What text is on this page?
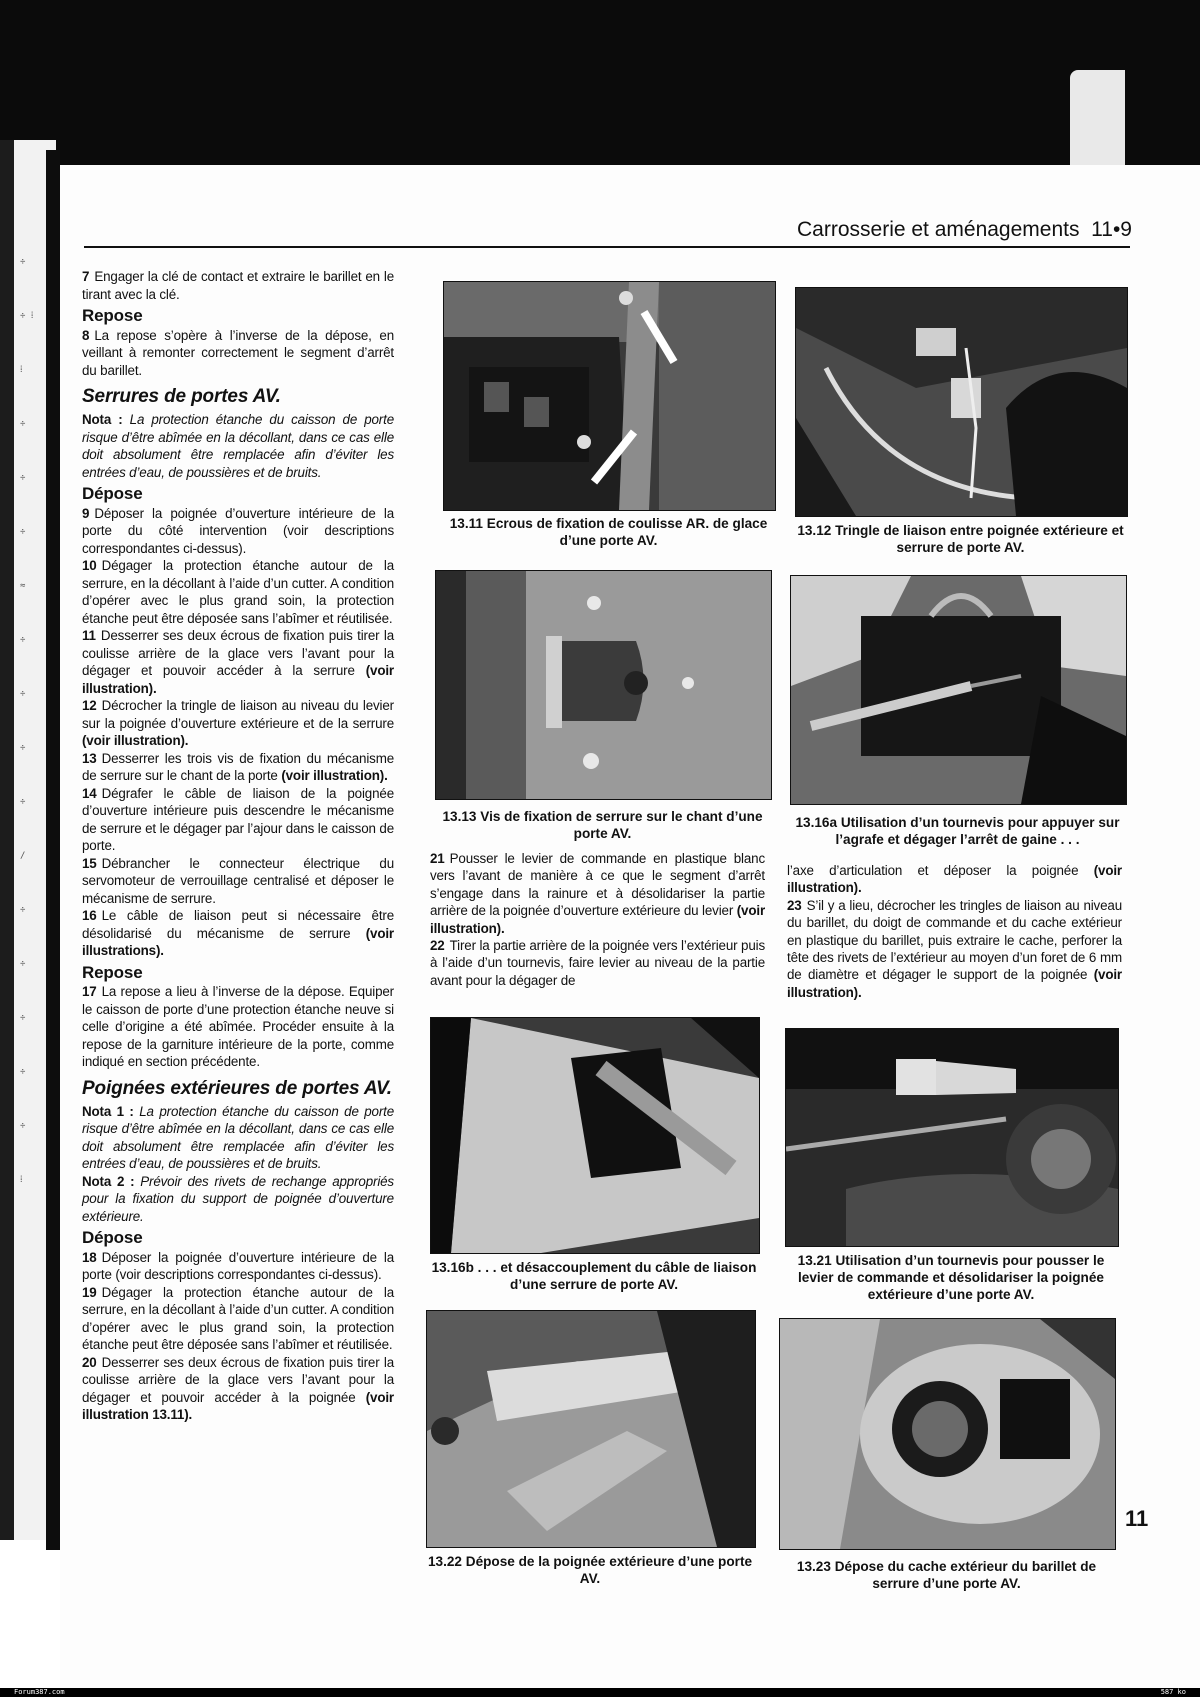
÷
÷ ⁞
⁞
÷
÷
÷
≈
÷
÷
÷
÷
/
÷
÷
÷
÷
÷
⁞
Carrosserie et aménagements 11•9

7 Engager la clé de contact et extraire le barillet en le tirant avec la clé.

Repose

8 La repose s’opère à l’inverse de la dépose, en veillant à remonter correctement le segment d’arrêt du barillet.

Serrures de portes AV.

Nota : La protection étanche du caisson de porte risque d’être abîmée en la décollant, dans ce cas elle doit absolument être remplacée afin d’éviter les entrées d’eau, de poussières et de bruits.

Dépose

9 Déposer la poignée d’ouverture intérieure de la porte du côté intervention (voir descriptions correspondantes ci-dessus).

10 Dégager la protection étanche autour de la serrure, en la décollant à l’aide d’un cutter. A condition d’opérer avec le plus grand soin, la protection étanche peut être déposée sans l’abîmer et réutilisée.

11 Desserrer ses deux écrous de fixation puis tirer la coulisse arrière de la glace vers l’avant pour la dégager et pouvoir accéder à la serrure (voir illustration).

12 Décrocher la tringle de liaison au niveau du levier sur la poignée d’ouverture extérieure et de la serrure (voir illustration).

13 Desserrer les trois vis de fixation du mécanisme de serrure sur le chant de la porte (voir illustration).

14 Dégrafer le câble de liaison de la poignée d’ouverture intérieure puis descendre le mécanisme de serrure et le dégager par l’ajour dans le caisson de porte.

15 Débrancher le connecteur électrique du servomoteur de verrouillage centralisé et déposer le mécanisme de serrure.

16 Le câble de liaison peut si nécessaire être désolidarisé du mécanisme de serrure (voir illustrations).

Repose

17 La repose a lieu à l’inverse de la dépose. Equiper le caisson de porte d’une protection étanche neuve si celle d’origine a été abîmée. Procéder ensuite à la repose de la garniture intérieure de la porte, comme indiqué en section précédente.

Poignées extérieures de portes AV.

Nota 1 : La protection étanche du caisson de porte risque d’être abîmée en la décollant, dans ce cas elle doit absolument être remplacée afin d’éviter les entrées d’eau, de poussières et de bruits.

Nota 2 : Prévoir des rivets de rechange appropriés pour la fixation du support de poignée d’ouverture extérieure.

Dépose

18 Déposer la poignée d’ouverture intérieure de la porte (voir descriptions correspondantes ci-dessus).

19 Dégager la protection étanche autour de la serrure, en la décollant à l’aide d’un cutter. A condition d’opérer avec le plus grand soin, la protection étanche peut être déposée sans l’abîmer et réutilisée.

20 Desserrer ses deux écrous de fixation puis tirer la coulisse arrière de la glace vers l’avant pour la dégager et pouvoir accéder à la poignée (voir illustration 13.11).

13.11 Ecrous de fixation de coulisse AR. de glace d’une porte AV.
13.12 Tringle de liaison entre poignée extérieure et serrure de porte AV.
13.13 Vis de fixation de serrure sur le chant d’une porte AV.
13.16a Utilisation d’un tournevis pour appuyer sur l’agrafe et dégager l’arrêt de gaine . . .

21 Pousser le levier de commande en plastique blanc vers l’avant de manière à ce que le segment d’arrêt s’engage dans la rainure et à désolidariser la partie arrière de la poignée d’ouverture extérieure du levier (voir illustration).

22 Tirer la partie arrière de la poignée vers l’extérieur puis à l’aide d’un tournevis, faire levier au niveau de la partie avant pour la dégager de

l’axe d’articulation et déposer la poignée (voir illustration).

23 S’il y a lieu, décrocher les tringles de liaison au niveau du barillet, du doigt de commande et du cache extérieur en plastique du barillet, puis extraire le cache, perforer la tête des rivets de l’extérieur au moyen d’un foret de 6 mm de diamètre et dégager le support de la poignée (voir illustration).

13.16b . . . et désaccouplement du câble de liaison d’une serrure de porte AV.
13.21 Utilisation d’un tournevis pour pousser le levier de commande et désolidariser la poignée extérieure d’une porte AV.
13.22 Dépose de la poignée extérieure d’une porte AV.
13.23 Dépose du cache extérieur du barillet de serrure d’une porte AV.
11
Forum387.com	587 ko
